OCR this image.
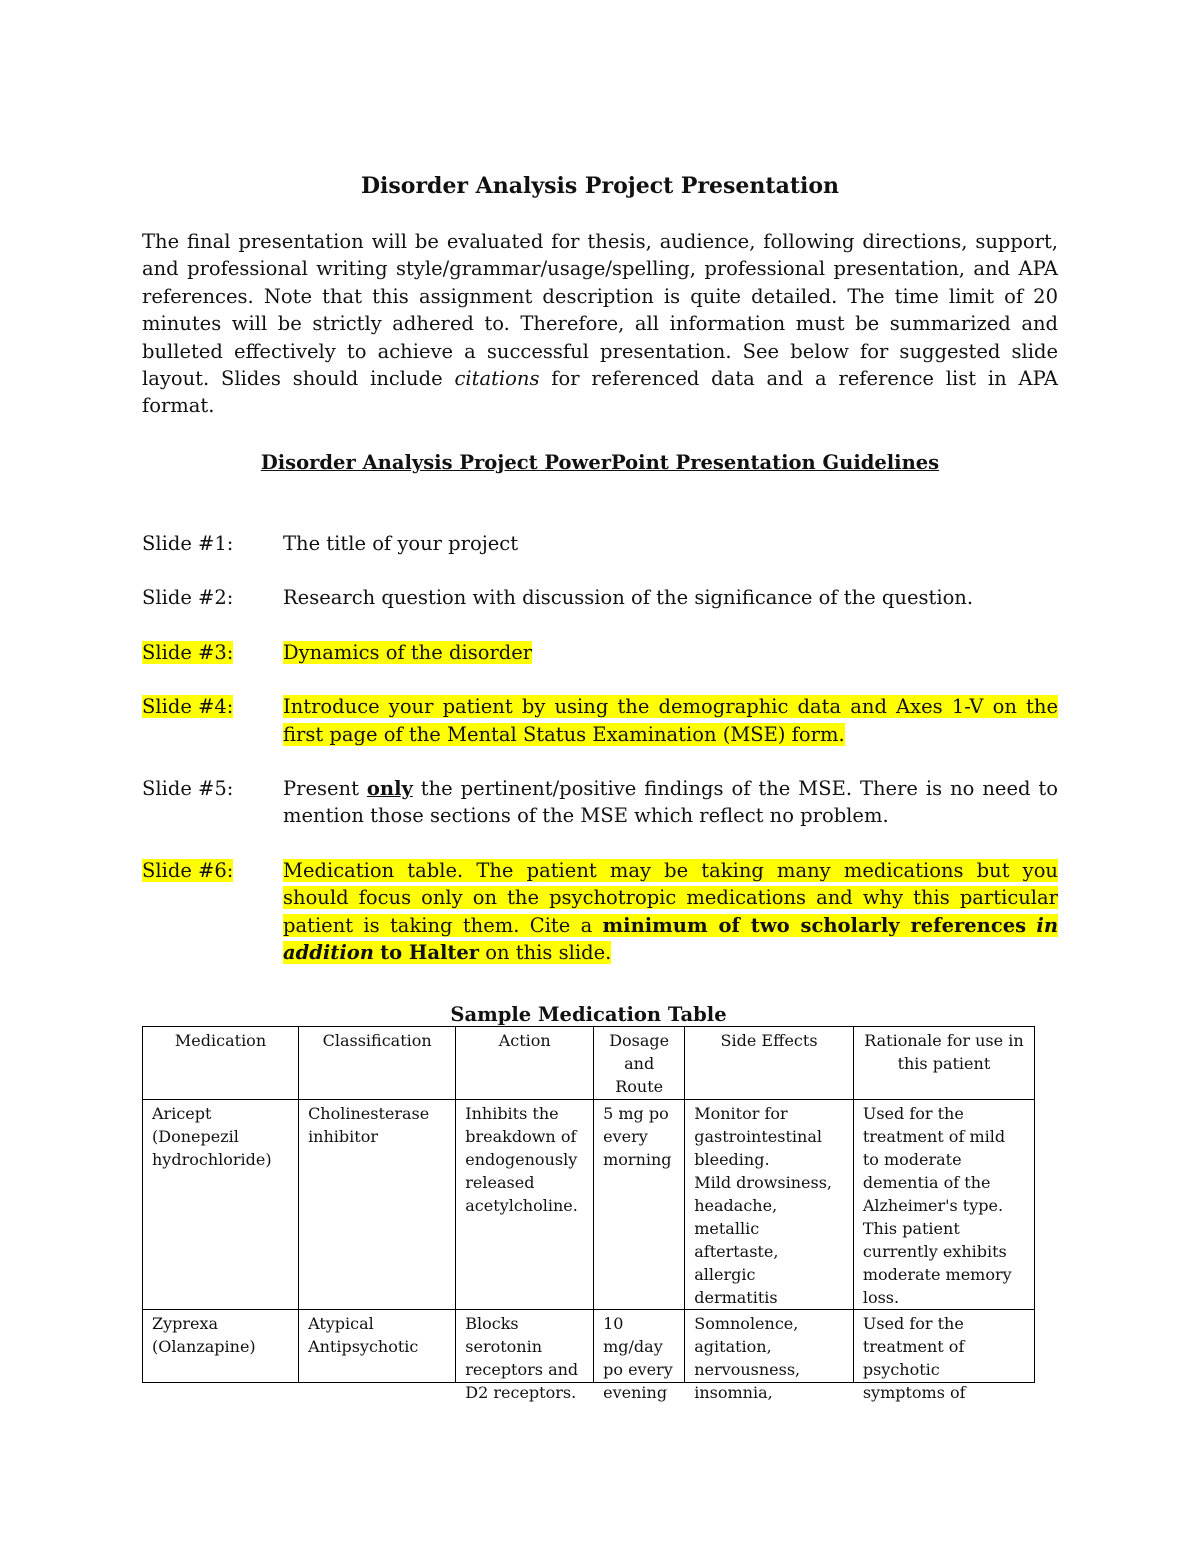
Disorder Analysis Project Presentation
The final presentation will be evaluated for thesis, audience, following directions, support, and professional writing style/grammar/usage/spelling, professional presentation, and APA references. Note that this assignment description is quite detailed. The time limit of 20 minutes will be strictly adhered to. Therefore, all information must be summarized and bulleted effectively to achieve a successful presentation. See below for suggested slide layout. Slides should include citations for referenced data and a reference list in APA format.
Disorder Analysis Project PowerPoint Presentation Guidelines
Slide #1:	The title of your project
Slide #2:	Research question with discussion of the significance of the question.
Slide #3:	Dynamics of the disorder
Slide #4:	Introduce your patient by using the demographic data and Axes 1-V on the first page of the Mental Status Examination (MSE) form.
Slide #5:	Present only the pertinent/positive findings of the MSE. There is no need to mention those sections of the MSE which reflect no problem.
Slide #6:	Medication table. The patient may be taking many medications but you should focus only on the psychotropic medications and why this particular patient is taking them. Cite a minimum of two scholarly references in addition to Halter on this slide.
Sample Medication Table
Medication	Classification	Action	Dosage and Route	Side Effects	Rationale for use in this patient
Aricept (Donepezil hydrochloride)	Cholinesterase inhibitor	Inhibits the breakdown of endogenously released acetylcholine.	5 mg po every morning	Monitor for gastrointestinal bleeding.
Mild drowsiness, headache, metallic aftertaste, allergic dermatitis	Used for the treatment of mild to moderate dementia of the Alzheimer's type. This patient currently exhibits moderate memory loss.

Zyprexa (Olanzapine)	Atypical Antipsychotic	Blocks serotonin receptors and D2 receptors.	10 mg/day po every evening	Somnolence, agitation, nervousness, insomnia,	Used for the treatment of psychotic symptoms of
